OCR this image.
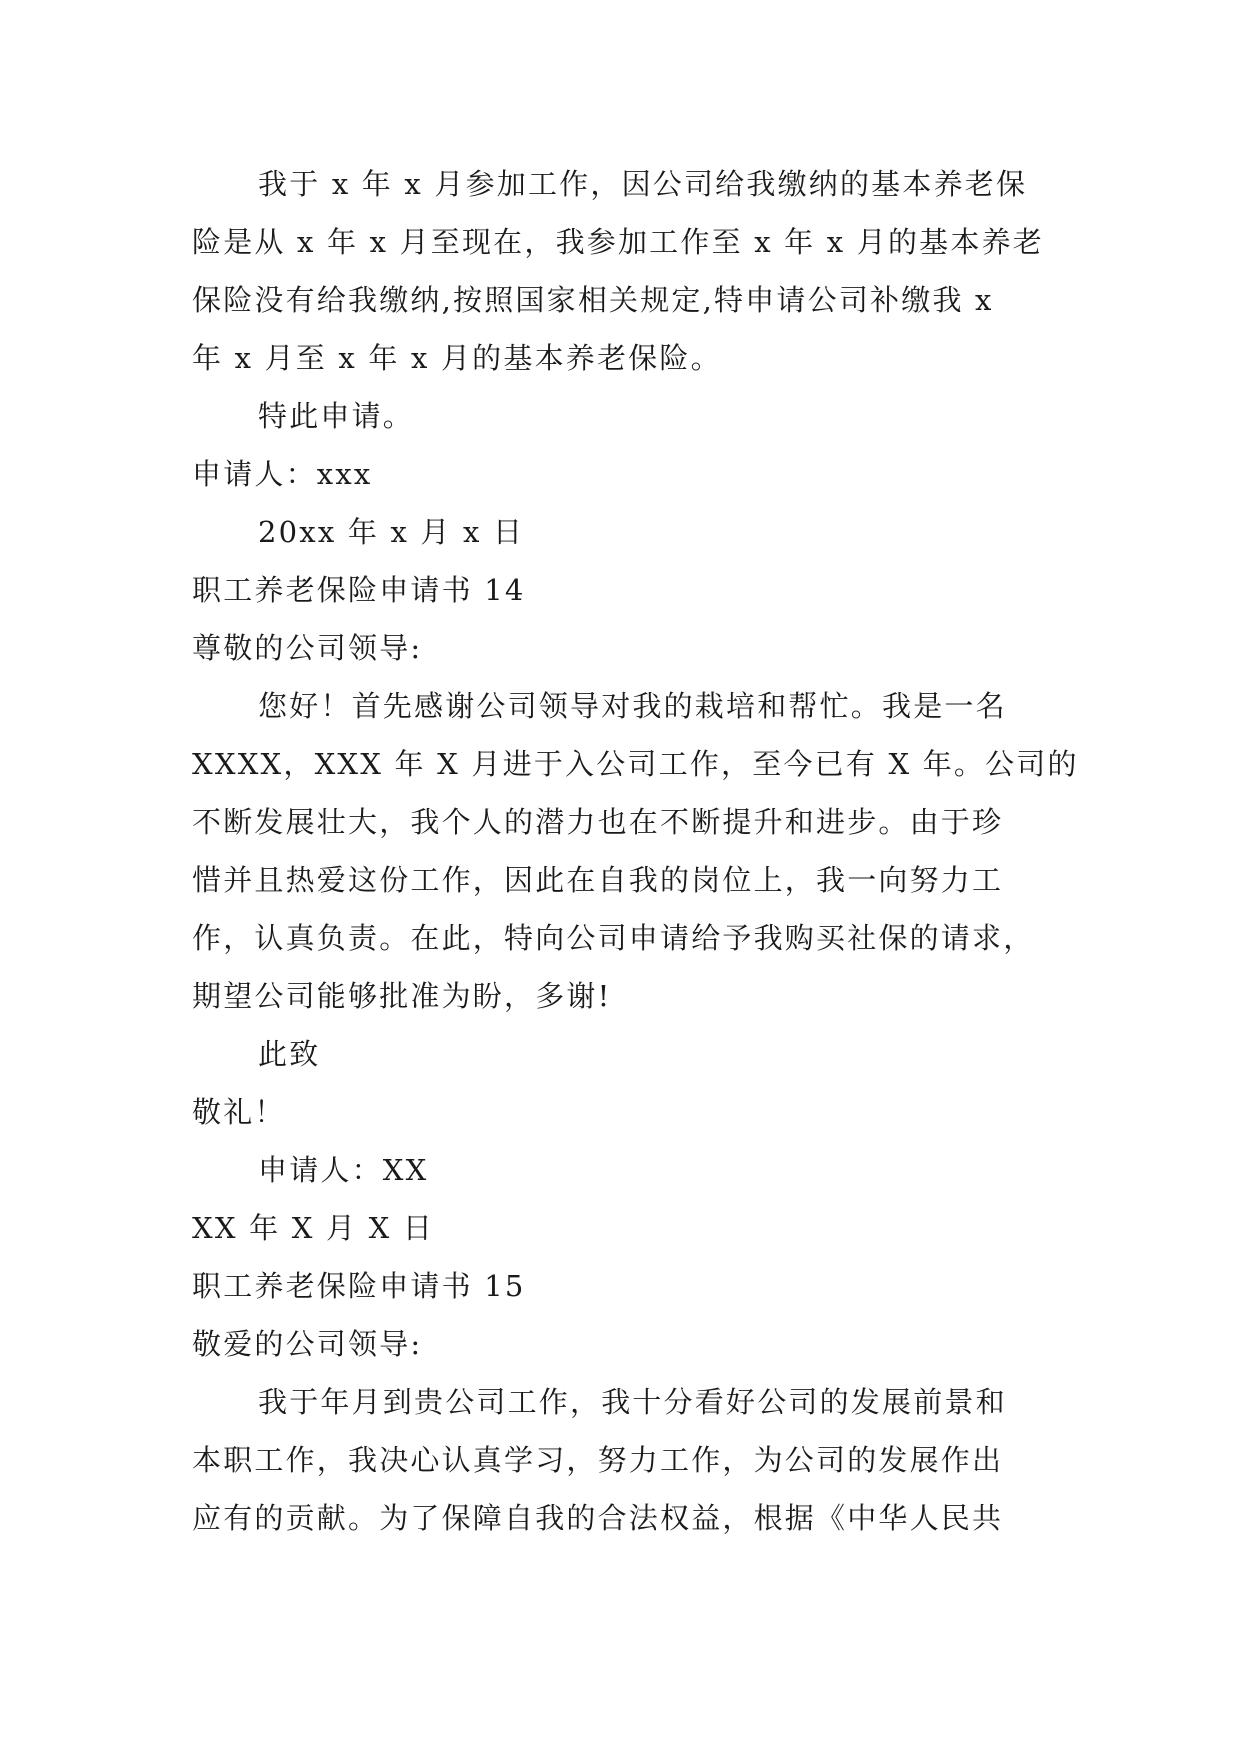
我于 x 年 x 月参加工作，因公司给我缴纳的基本养老保
险是从 x 年 x 月至现在，我参加工作至 x 年 x 月的基本养老
保险没有给我缴纳,按照国家相关规定,特申请公司补缴我 x
年 x 月至 x 年 x 月的基本养老保险。
特此申请。
申请人：xxx
20xx 年 x 月 x 日
职工养老保险申请书 14
尊敬的公司领导:
您好！首先感谢公司领导对我的栽培和帮忙。我是一名
XXXX，XXX 年 X 月进于入公司工作，至今已有 X 年。公司的
不断发展壮大，我个人的潜力也在不断提升和进步。由于珍
惜并且热爱这份工作，因此在自我的岗位上，我一向努力工
作，认真负责。在此，特向公司申请给予我购买社保的请求，
期望公司能够批准为盼，多谢!
此致
敬礼！
申请人：XX
XX 年 X 月 X 日
职工养老保险申请书 15
敬爱的公司领导:
我于年月到贵公司工作，我十分看好公司的发展前景和
本职工作，我决心认真学习，努力工作，为公司的发展作出
应有的贡献。为了保障自我的合法权益，根据《中华人民共
